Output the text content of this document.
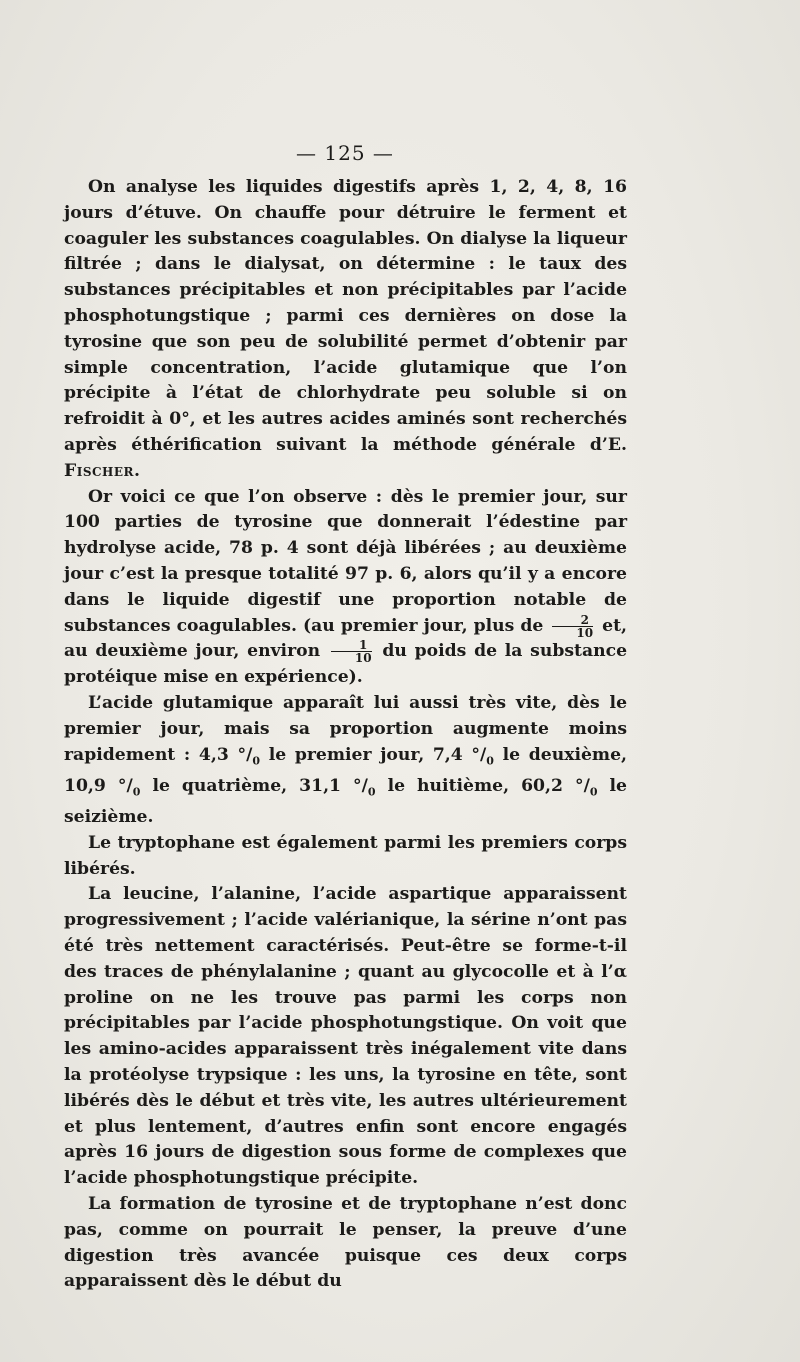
— 125 —

On analyse les liquides digestifs après 1, 2, 4, 8, 16 jours d’étuve. On chauffe pour détruire le ferment et coaguler les substances coagulables. On dialyse la liqueur filtrée ; dans le dialysat, on détermine : le taux des substances précipitables et non précipitables par l’acide phosphotungstique ; parmi ces dernières on dose la tyrosine que son peu de solubilité permet d’obtenir par simple concentration, l’acide glutamique que l’on précipite à l’état de chlorhydrate peu soluble si on refroidit à 0°, et les autres acides aminés sont recherchés après éthérification suivant la méthode générale d’E. Fischer.

Or voici ce que l’on observe : dès le premier jour, sur 100 parties de tyrosine que donnerait l’édestine par hydrolyse acide, 78 p. 4 sont déjà libérées ; au deuxième jour c’est la presque totalité 97 p. 6, alors qu’il y a encore dans le liquide digestif une proportion notable de substances coagulables. (au premier jour, plus de $\frac{2}{10}$ et, au deuxième jour, environ $\frac{1}{10}$ du poids de la substance protéique mise en expérience).

L’acide glutamique apparaît lui aussi très vite, dès le premier jour, mais sa proportion augmente moins rapidement : 4,3 $^\circ/_0$ le premier jour, 7,4 $^\circ/_0$ le deuxième, 10,9 $^\circ/_0$ le quatrième, 31,1 $^\circ/_0$ le huitième, 60,2 $^\circ/_0$ le seizième.

Le tryptophane est également parmi les premiers corps libérés.

La leucine, l’alanine, l’acide aspartique apparaissent progressivement ; l’acide valérianique, la sérine n’ont pas été très nettement caractérisés. Peut-être se forme-t-il des traces de phénylalanine ; quant au glycocolle et à l’α proline on ne les trouve pas parmi les corps non précipitables par l’acide phosphotungstique. On voit que les amino-acides apparaissent très inégalement vite dans la protéolyse trypsique : les uns, la tyrosine en tête, sont libérés dès le début et très vite, les autres ultérieurement et plus lentement, d’autres enfin sont encore engagés après 16 jours de digestion sous forme de complexes que l’acide phosphotungstique précipite.

La formation de tyrosine et de tryptophane n’est donc pas, comme on pourrait le penser, la preuve d’une digestion très avancée puisque ces deux corps apparaissent dès le début du
